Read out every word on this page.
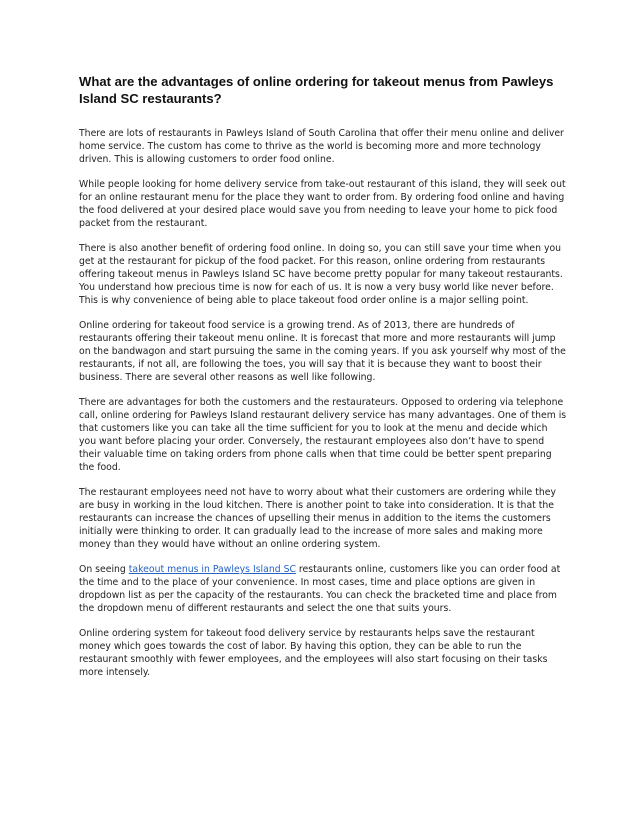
What are the advantages of online ordering for takeout menus from Pawleys Island SC restaurants?

There are lots of restaurants in Pawleys Island of South Carolina that offer their menu online and deliver home service. The custom has come to thrive as the world is becoming more and more technology driven. This is allowing customers to order food online.

While people looking for home delivery service from take-out restaurant of this island, they will seek out for an online restaurant menu for the place they want to order from. By ordering food online and having the food delivered at your desired place would save you from needing to leave your home to pick food packet from the restaurant.

There is also another benefit of ordering food online. In doing so, you can still save your time when you get at the restaurant for pickup of the food packet. For this reason, online ordering from restaurants offering takeout menus in Pawleys Island SC have become pretty popular for many takeout restaurants. You understand how precious time is now for each of us. It is now a very busy world like never before. This is why convenience of being able to place takeout food order online is a major selling point.

Online ordering for takeout food service is a growing trend. As of 2013, there are hundreds of restaurants offering their takeout menu online. It is forecast that more and more restaurants will jump on the bandwagon and start pursuing the same in the coming years. If you ask yourself why most of the restaurants, if not all, are following the toes, you will say that it is because they want to boost their business. There are several other reasons as well like following.

There are advantages for both the customers and the restaurateurs. Opposed to ordering via telephone call, online ordering for Pawleys Island restaurant delivery service has many advantages. One of them is that customers like you can take all the time sufficient for you to look at the menu and decide which you want before placing your order. Conversely, the restaurant employees also don’t have to spend their valuable time on taking orders from phone calls when that time could be better spent preparing the food.

The restaurant employees need not have to worry about what their customers are ordering while they are busy in working in the loud kitchen. There is another point to take into consideration. It is that the restaurants can increase the chances of upselling their menus in addition to the items the customers initially were thinking to order. It can gradually lead to the increase of more sales and making more money than they would have without an online ordering system.

On seeing takeout menus in Pawleys Island SC restaurants online, customers like you can order food at the time and to the place of your convenience. In most cases, time and place options are given in dropdown list as per the capacity of the restaurants. You can check the bracketed time and place from the dropdown menu of different restaurants and select the one that suits yours.

Online ordering system for takeout food delivery service by restaurants helps save the restaurant money which goes towards the cost of labor. By having this option, they can be able to run the restaurant smoothly with fewer employees, and the employees will also start focusing on their tasks more intensely.
